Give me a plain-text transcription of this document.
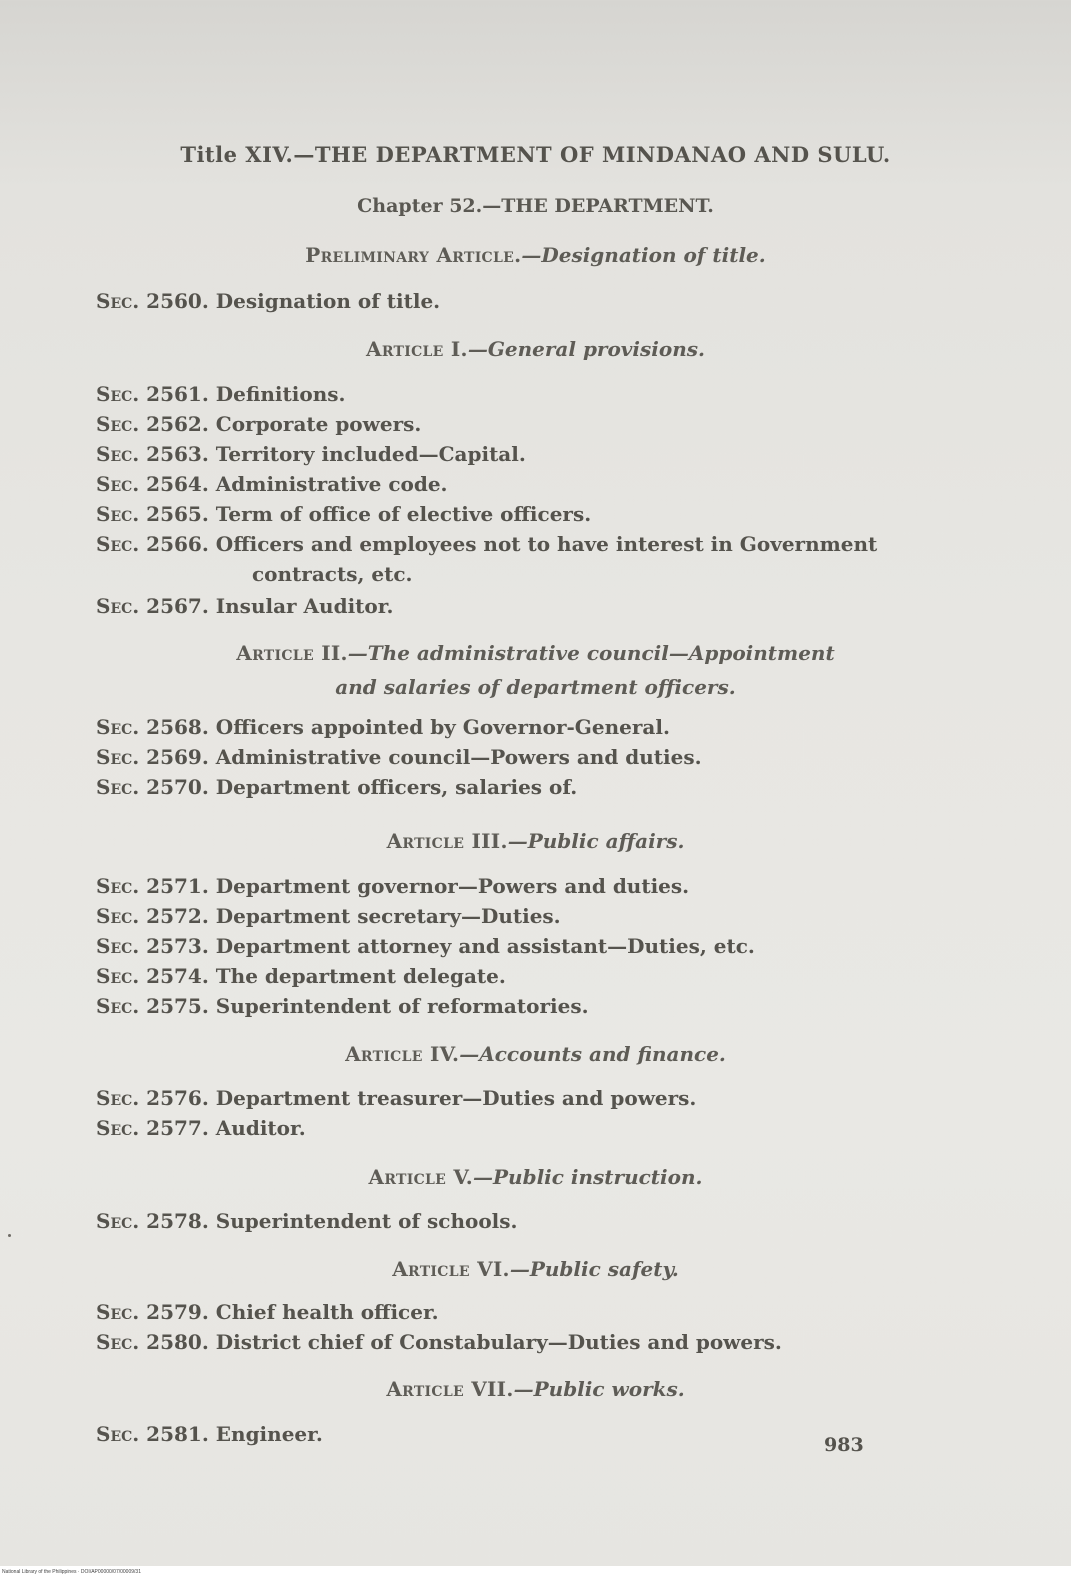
Title XIV.—THE DEPARTMENT OF MINDANAO AND SULU.
Chapter 52.—THE DEPARTMENT.
Preliminary Article.—Designation of title.
Sec. 2560. Designation of title.
Article I.—General provisions.
Sec. 2561. Definitions.
Sec. 2562. Corporate powers.
Sec. 2563. Territory included—Capital.
Sec. 2564. Administrative code.
Sec. 2565. Term of office of elective officers.
Sec. 2566. Officers and employees not to have interest in Government
contracts, etc.
Sec. 2567. Insular Auditor.
Article II.—The administrative council—Appointment
and salaries of department officers.
Sec. 2568. Officers appointed by Governor-General.
Sec. 2569. Administrative council—Powers and duties.
Sec. 2570. Department officers, salaries of.
Article III.—Public affairs.
Sec. 2571. Department governor—Powers and duties.
Sec. 2572. Department secretary—Duties.
Sec. 2573. Department attorney and assistant—Duties, etc.
Sec. 2574. The department delegate.
Sec. 2575. Superintendent of reformatories.
Article IV.—Accounts and finance.
Sec. 2576. Department treasurer—Duties and powers.
Sec. 2577. Auditor.
Article V.—Public instruction.
Sec. 2578. Superintendent of schools.
Article VI.—Public safety.
Sec. 2579. Chief health officer.
Sec. 2580. District chief of Constabulary—Duties and powers.
Article VII.—Public works.
Sec. 2581. Engineer.	983
National Library of the Philippines · DOI/AP00000/07/00009/31
